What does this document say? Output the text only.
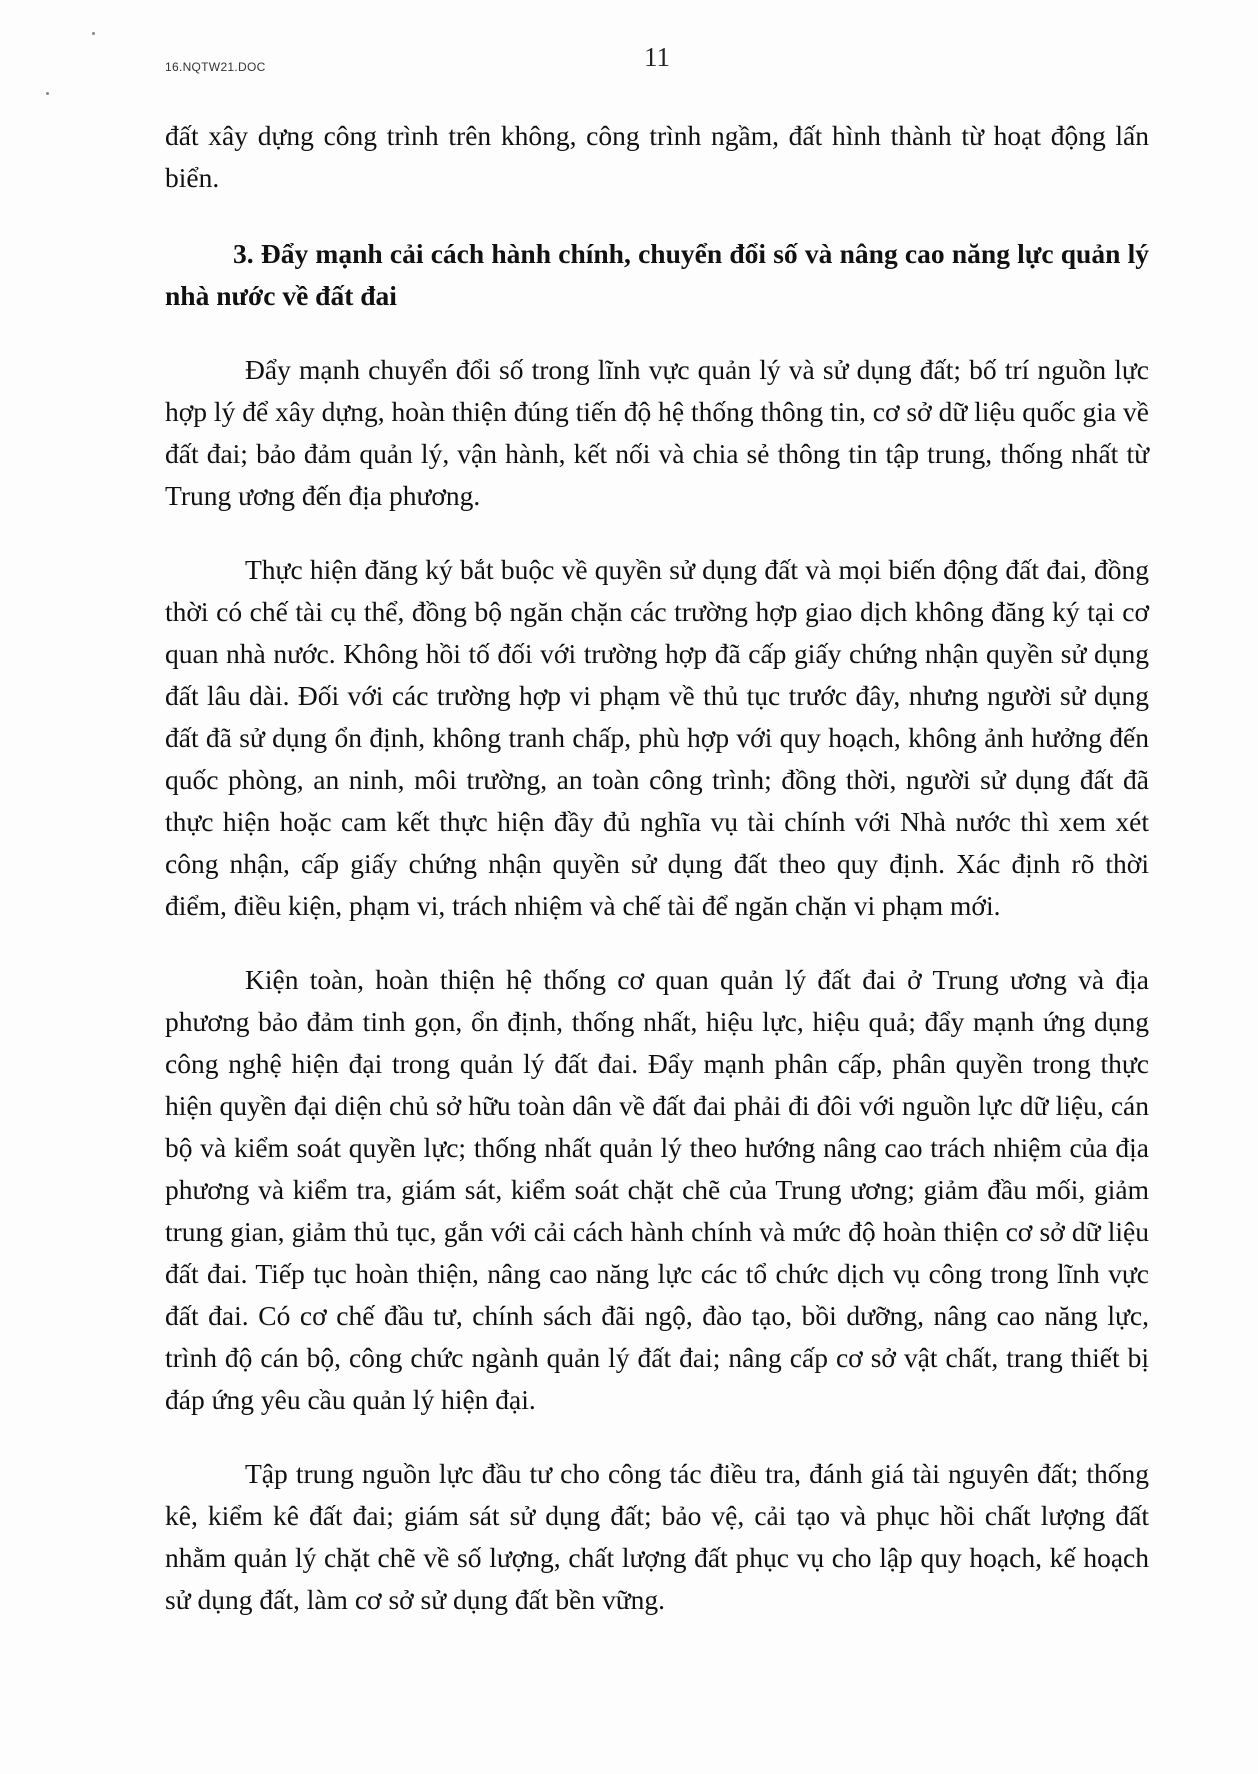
16.NQTW21.DOC	11

đất xây dựng công trình trên không, công trình ngầm, đất hình thành từ hoạt động lấn biển.

3. Đẩy mạnh cải cách hành chính, chuyển đổi số và nâng cao năng lực quản lý nhà nước về đất đai

Đẩy mạnh chuyển đổi số trong lĩnh vực quản lý và sử dụng đất; bố trí nguồn lực hợp lý để xây dựng, hoàn thiện đúng tiến độ hệ thống thông tin, cơ sở dữ liệu quốc gia về đất đai; bảo đảm quản lý, vận hành, kết nối và chia sẻ thông tin tập trung, thống nhất từ Trung ương đến địa phương.

Thực hiện đăng ký bắt buộc về quyền sử dụng đất và mọi biến động đất đai, đồng thời có chế tài cụ thể, đồng bộ ngăn chặn các trường hợp giao dịch không đăng ký tại cơ quan nhà nước. Không hồi tố đối với trường hợp đã cấp giấy chứng nhận quyền sử dụng đất lâu dài. Đối với các trường hợp vi phạm về thủ tục trước đây, nhưng người sử dụng đất đã sử dụng ổn định, không tranh chấp, phù hợp với quy hoạch, không ảnh hưởng đến quốc phòng, an ninh, môi trường, an toàn công trình; đồng thời, người sử dụng đất đã thực hiện hoặc cam kết thực hiện đầy đủ nghĩa vụ tài chính với Nhà nước thì xem xét công nhận, cấp giấy chứng nhận quyền sử dụng đất theo quy định. Xác định rõ thời điểm, điều kiện, phạm vi, trách nhiệm và chế tài để ngăn chặn vi phạm mới.

Kiện toàn, hoàn thiện hệ thống cơ quan quản lý đất đai ở Trung ương và địa phương bảo đảm tinh gọn, ổn định, thống nhất, hiệu lực, hiệu quả; đẩy mạnh ứng dụng công nghệ hiện đại trong quản lý đất đai. Đẩy mạnh phân cấp, phân quyền trong thực hiện quyền đại diện chủ sở hữu toàn dân về đất đai phải đi đôi với nguồn lực dữ liệu, cán bộ và kiểm soát quyền lực; thống nhất quản lý theo hướng nâng cao trách nhiệm của địa phương và kiểm tra, giám sát, kiểm soát chặt chẽ của Trung ương; giảm đầu mối, giảm trung gian, giảm thủ tục, gắn với cải cách hành chính và mức độ hoàn thiện cơ sở dữ liệu đất đai. Tiếp tục hoàn thiện, nâng cao năng lực các tổ chức dịch vụ công trong lĩnh vực đất đai. Có cơ chế đầu tư, chính sách đãi ngộ, đào tạo, bồi dưỡng, nâng cao năng lực, trình độ cán bộ, công chức ngành quản lý đất đai; nâng cấp cơ sở vật chất, trang thiết bị đáp ứng yêu cầu quản lý hiện đại.

Tập trung nguồn lực đầu tư cho công tác điều tra, đánh giá tài nguyên đất; thống kê, kiểm kê đất đai; giám sát sử dụng đất; bảo vệ, cải tạo và phục hồi chất lượng đất nhằm quản lý chặt chẽ về số lượng, chất lượng đất phục vụ cho lập quy hoạch, kế hoạch sử dụng đất, làm cơ sở sử dụng đất bền vững.
